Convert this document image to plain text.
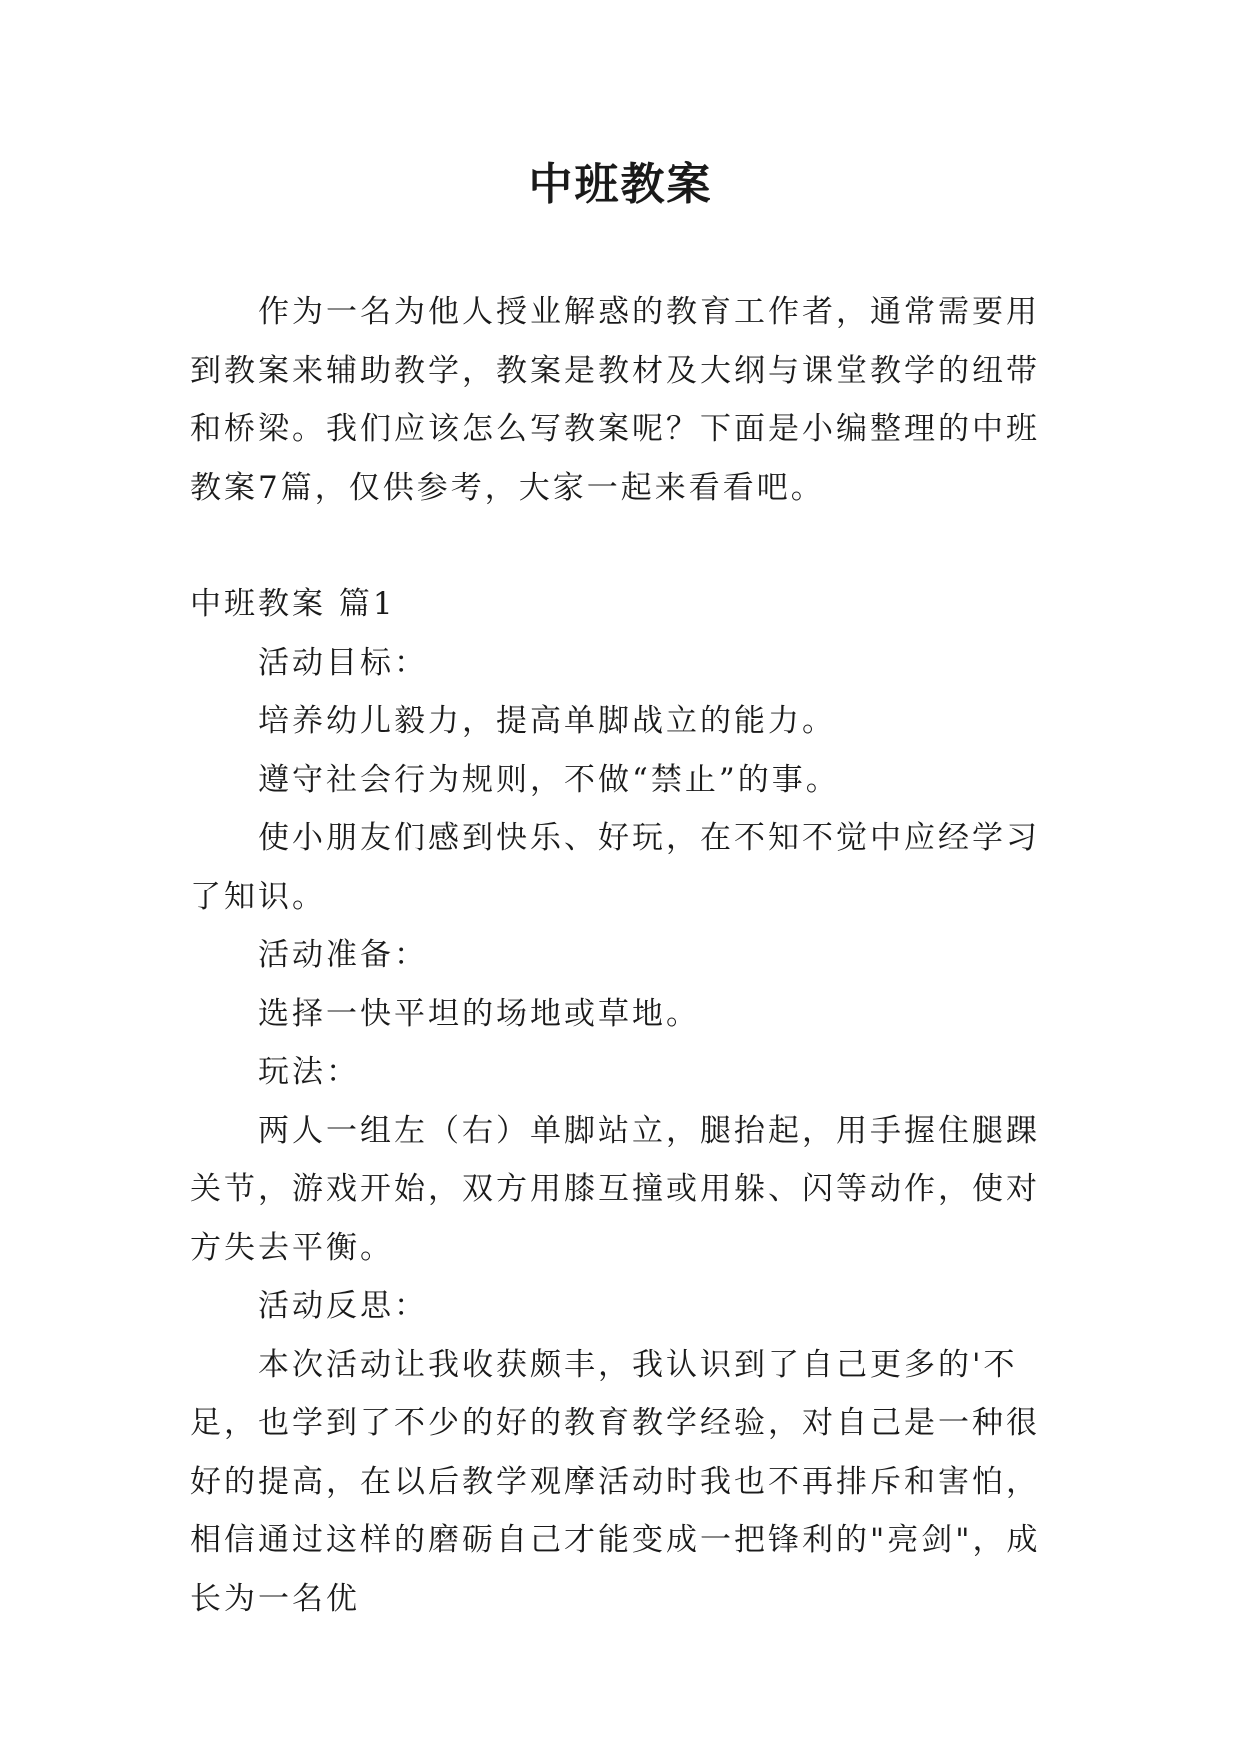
中班教案

作为一名为他人授业解惑的教育工作者，通常需要用到教案来辅助教学，教案是教材及大纲与课堂教学的纽带和桥梁。我们应该怎么写教案呢？下面是小编整理的中班教案7篇，仅供参考，大家一起来看看吧。

中班教案 篇1

活动目标：

培养幼儿毅力，提高单脚战立的能力。

遵守社会行为规则，不做“禁止”的事。

使小朋友们感到快乐、好玩，在不知不觉中应经学习了知识。

活动准备：

选择一快平坦的场地或草地。

玩法：

两人一组左（右）单脚站立，腿抬起，用手握住腿踝关节，游戏开始，双方用膝互撞或用躲、闪等动作，使对方失去平衡。

活动反思：

本次活动让我收获颇丰，我认识到了自己更多的'不足，也学到了不少的好的教育教学经验，对自己是一种很好的提高，在以后教学观摩活动时我也不再排斥和害怕，相信通过这样的磨砺自己才能变成一把锋利的"亮剑"，成长为一名优
